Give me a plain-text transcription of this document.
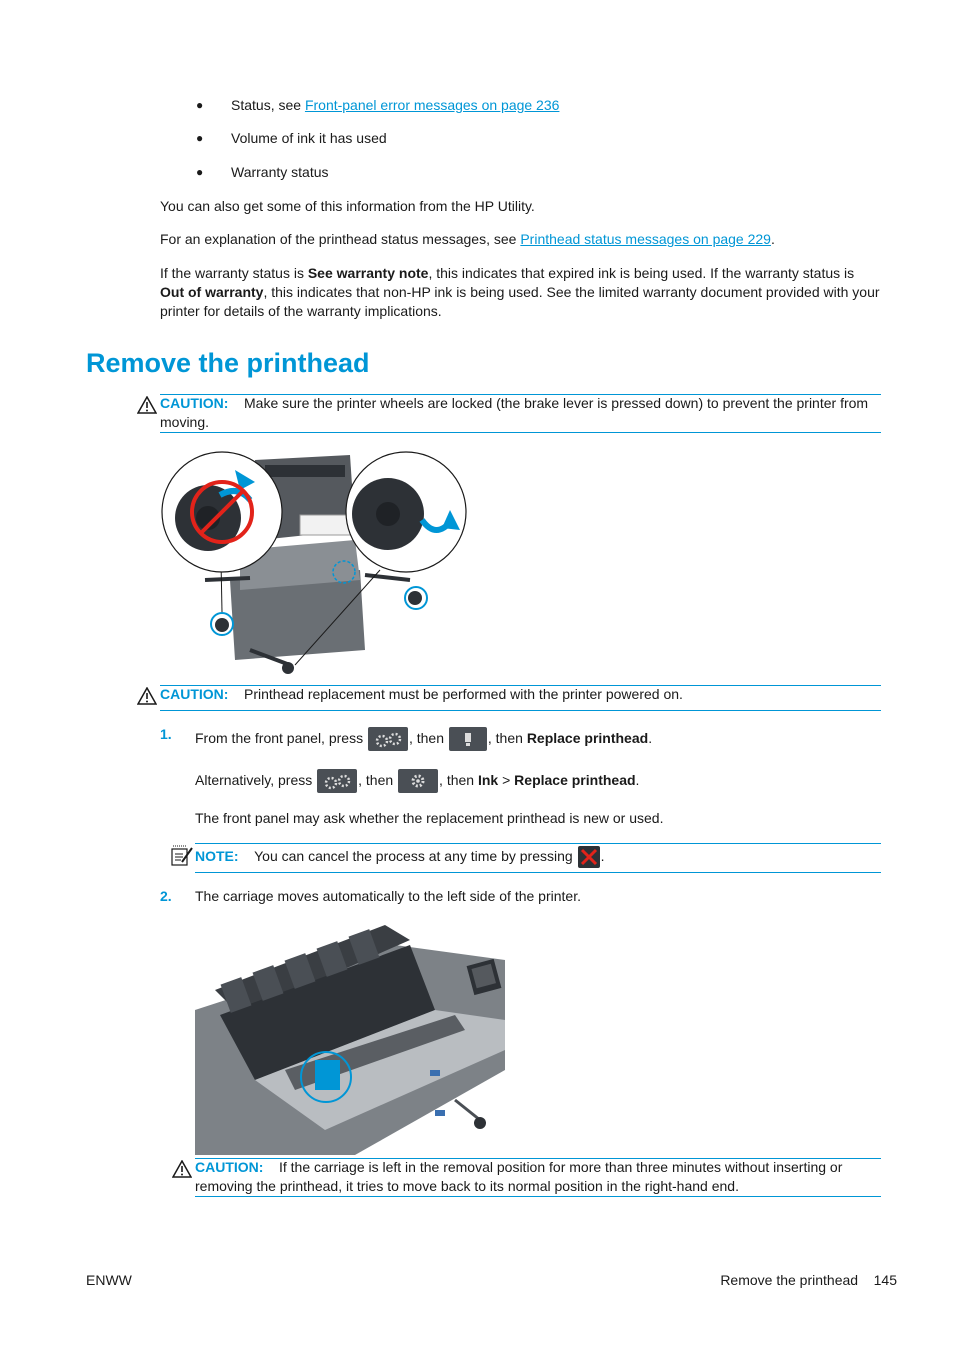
● Status, see Front-panel error messages on page 236
● Volume of ink it has used
● Warranty status
You can also get some of this information from the HP Utility.
For an explanation of the printhead status messages, see Printhead status messages on page 229.
If the warranty status is See warranty note, this indicates that expired ink is being used. If the warranty status is Out of warranty, this indicates that non-HP ink is being used. See the limited warranty document provided with your printer for details of the warranty implications.
Remove the printhead
CAUTION: Make sure the printer wheels are locked (the brake lever is pressed down) to prevent the printer from moving.
CAUTION: Printhead replacement must be performed with the printer powered on.
1. From the front panel, press	, then	, then Replace printhead.
Alternatively, press	, then	, then Ink > Replace printhead.
The front panel may ask whether the replacement printhead is new or used.
NOTE: You can cancel the process at any time by pressing
.
2. The carriage moves automatically to the left side of the printer.
CAUTION: If the carriage is left in the removal position for more than three minutes without inserting or removing the printhead, it tries to move back to its normal position in the right-hand end.
ENWW	Remove the printhead 145
